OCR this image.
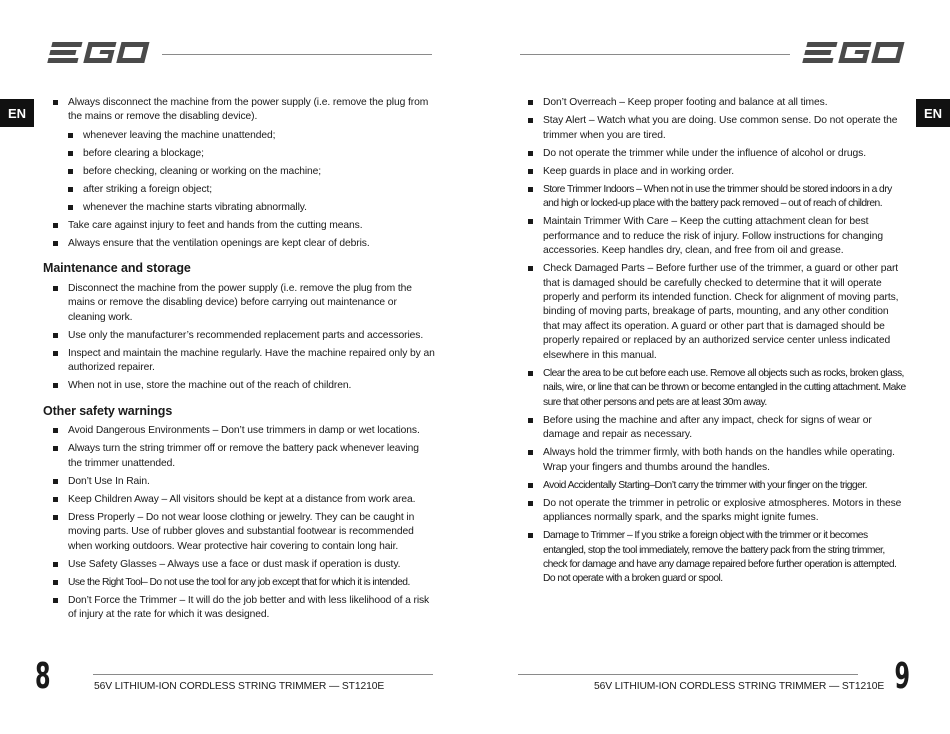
EN	EN
Always disconnect the machine from the power supply (i.e. remove the plug from the mains or remove the disabling device).
whenever leaving the machine unattended;
before clearing a blockage;
before checking, cleaning or working on the machine;
after striking a foreign object;
whenever the machine starts vibrating abnormally.
Take care against injury to feet and hands from the cutting means.
Always ensure that the ventilation openings are kept clear of debris.
Maintenance and storage
Disconnect the machine from the power supply (i.e. remove the plug from the mains or remove the disabling device) before carrying out maintenance or cleaning work.
Use only the manufacturer’s recommended replacement parts and accessories.
Inspect and maintain the machine regularly. Have the machine repaired only by an authorized repairer.
When not in use, store the machine out of the reach of children.
Other safety warnings
Avoid Dangerous Environments – Don’t use trimmers in damp or wet locations.
Always turn the string trimmer off or remove the battery pack whenever leaving the trimmer unattended.
Don’t Use In Rain.
Keep Children Away – All visitors should be kept at a distance from work area.
Dress Properly – Do not wear loose clothing or jewelry. They can be caught in moving parts. Use of rubber gloves and substantial footwear is recommended when working outdoors. Wear protective hair covering to contain long hair.
Use Safety Glasses – Always use a face or dust mask if operation is dusty.
Use the Right Tool– Do not use the tool for any job except that for which it is intended.
Don’t Force the Trimmer – It will do the job better and with less likelihood of a risk of injury at the rate for which it was designed.
Don’t Overreach – Keep proper footing and balance at all times.
Stay Alert – Watch what you are doing. Use common sense. Do not operate the trimmer when you are tired.
Do not operate the trimmer while under the influence of alcohol or drugs.
Keep guards in place and in working order.
Store Trimmer Indoors – When not in use the trimmer should be stored indoors in a dry and high or locked-up place with the battery pack removed – out of reach of children.
Maintain Trimmer With Care – Keep the cutting attachment clean for best performance and to reduce the risk of injury. Follow instructions for changing accessories. Keep handles dry, clean, and free from oil and grease.
Check Damaged Parts – Before further use of the trimmer, a guard or other part that is damaged should be carefully checked to determine that it will operate properly and perform its intended function. Check for alignment of moving parts, binding of moving parts, breakage of parts, mounting, and any other condition that may affect its operation. A guard or other part that is damaged should be properly repaired or replaced by an authorized service center unless indicated elsewhere in this manual.
Clear the area to be cut before each use. Remove all objects such as rocks, broken glass, nails, wire, or line that can be thrown or become entangled in the cutting attachment. Make sure that other persons and pets are at least 30m away.
Before using the machine and after any impact, check for signs of wear or damage and repair as necessary.
Always hold the trimmer firmly, with both hands on the handles while operating. Wrap your fingers and thumbs around the handles.
Avoid Accidentally Starting–Don’t carry the trimmer with your finger on the trigger.
Do not operate the trimmer in petrolic or explosive atmospheres. Motors in these appliances normally spark, and the sparks might ignite fumes.
Damage to Trimmer – If you strike a foreign object with the trimmer or it becomes entangled, stop the tool immediately, remove the battery pack from the string trimmer, check for damage and have any damage repaired before further operation is attempted. Do not operate with a broken guard or spool.
8	56V LITHIUM-ION CORDLESS STRING TRIMMER — ST1210E	56V LITHIUM-ION CORDLESS STRING TRIMMER — ST1210E 9
